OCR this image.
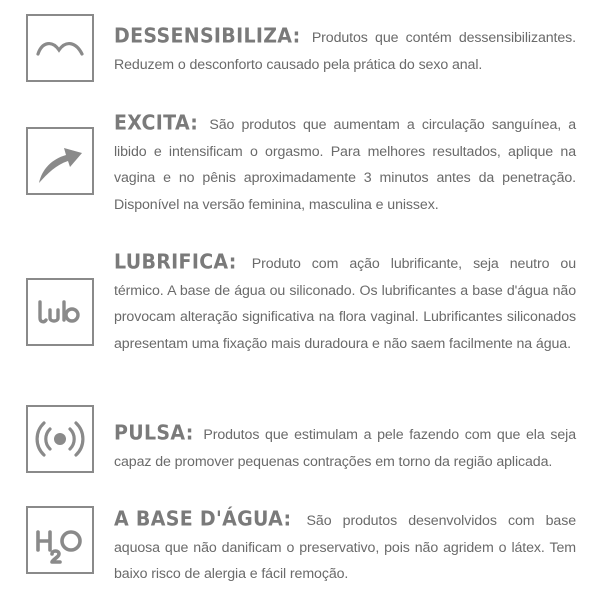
DESSENSIBILIZA: Produtos que contém dessensibilizantes. Reduzem o desconforto causado pela prática do sexo anal.
EXCITA: São produtos que aumentam a circulação sanguínea, a libido e intensificam o orgasmo. Para melhores resultados, aplique na vagina e no pênis aproximadamente 3 minutos antes da penetração. Disponível na versão feminina, masculina e unissex.
LUBRIFICA: Produto com ação lubrificante, seja neutro ou térmico. A base de água ou siliconado. Os lubrificantes a base d'água não provocam alteração significativa na flora vaginal. Lubrificantes siliconados apresentam uma fixação mais duradoura e não saem facilmente na água.
PULSA: Produtos que estimulam a pele fazendo com que ela seja capaz de promover pequenas contrações em torno da região aplicada.
A BASE D'ÁGUA: São produtos desenvolvidos com base aquosa que não danificam o preservativo, pois não agridem o látex. Tem baixo risco de alergia e fácil remoção.
